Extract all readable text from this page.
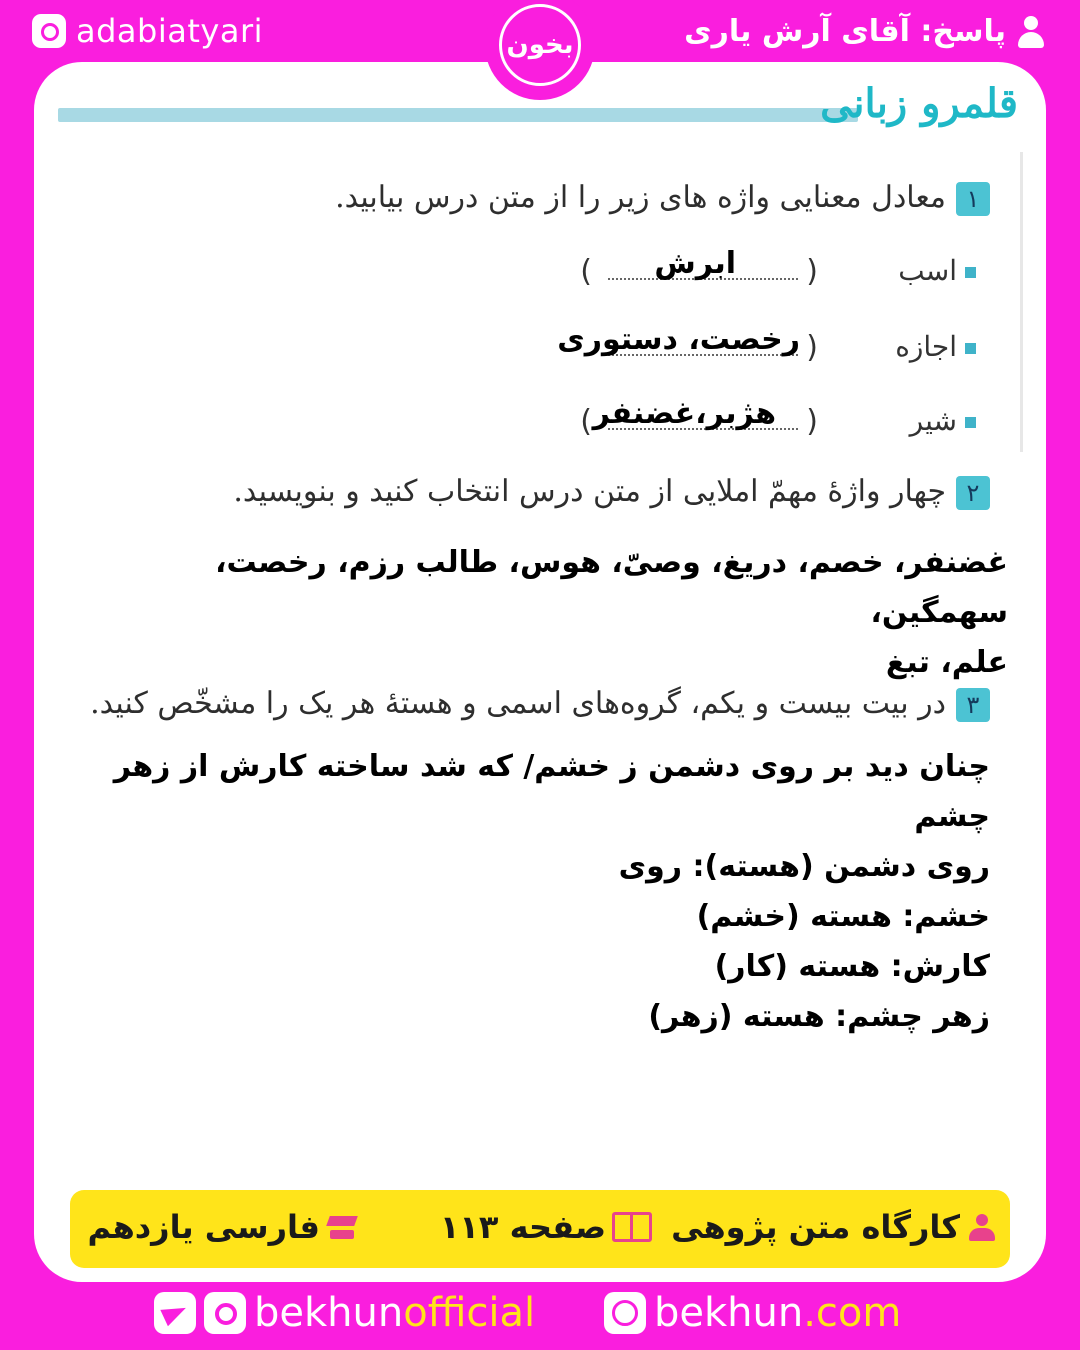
adabiatyari	پاسخ: آقای آرش یاری
بخون
قلمرو زبانی
۱معادل معنایی واژه های زیر را از متن درس بیابید.
اسب
(
) ابرش
اجازه
(
رخصت، دستوری
شیر
(
) هژبر،غضنفر
۲چهار واژهٔ مهمّ املایی از متن درس انتخاب کنید و بنویسید.
غضنفر، خصم، دریغ، وصیّ، هوس، طالب رزم، رخصت، سهمگین،
علم، تبغ
۳در بیت بیست و یکم، گروه‌های اسمی و هستهٔ هر یک را مشخّص کنید.
چنان دید بر روی دشمن ز خشم/ که شد ساخته کارش از زهر چشم
روی دشمن (هسته): روی
خشم: هسته (خشم)
کارش: هسته (کار)
زهر چشم: هسته (زهر)
کارگاه متن پژوهی
صفحه ۱۱۳
فارسی یازدهم
bekhunofficial	bekhun.com
